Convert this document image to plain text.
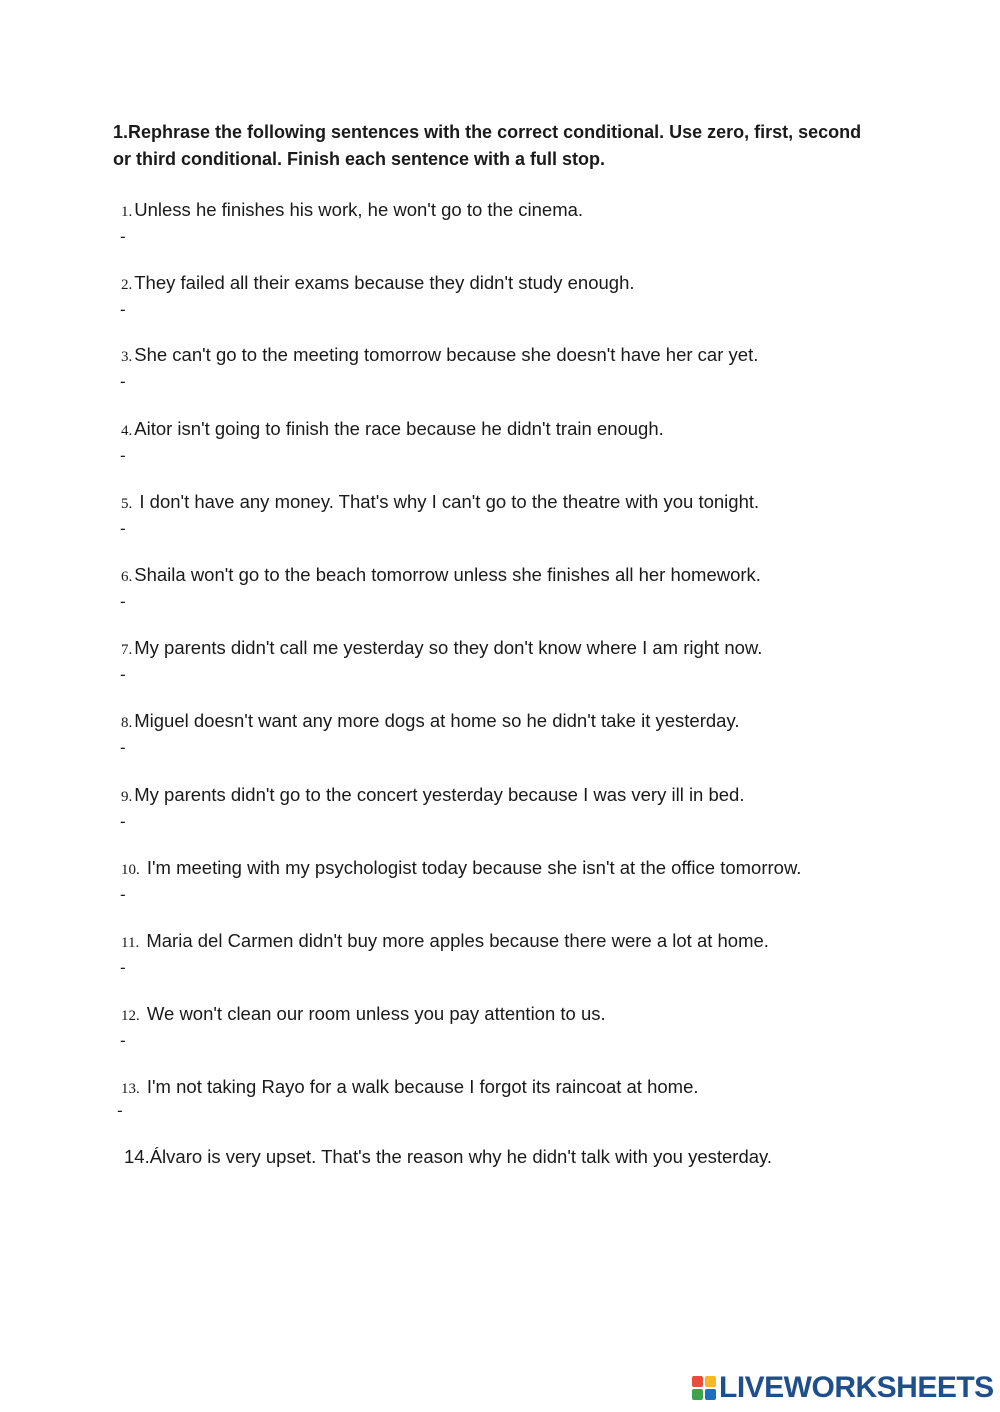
1.Rephrase the following sentences with the correct conditional. Use zero, first, second or third conditional. Finish each sentence with a full stop.

1. Unless he finishes his work, he won't go to the cinema.
-
2. They failed all their exams because they didn't study enough.
-
3. She can't go to the meeting tomorrow because she doesn't have her car yet.
-
4. Aitor isn't going to finish the race because he didn't train enough.
-
5. I don't have any money. That's why I can't go to the theatre with you tonight.
-
6. Shaila won't go to the beach tomorrow unless she finishes all her homework.
-
7. My parents didn't call me yesterday so they don't know where I am right now.
-
8. Miguel doesn't want any more dogs at home so he didn't take it yesterday.
-
9. My parents didn't go to the concert yesterday because I was very ill in bed.
-
10. I'm meeting with my psychologist today because she isn't at the office tomorrow.
-
11. Maria del Carmen didn't buy more apples because there were a lot at home.
-
12. We won't clean our room unless you pay attention to us.
-
13. I'm not taking Rayo for a walk because I forgot its raincoat at home.
-
14.Álvaro is very upset. That's the reason why he didn't talk with you yesterday.
LIVEWORKSHEETS
